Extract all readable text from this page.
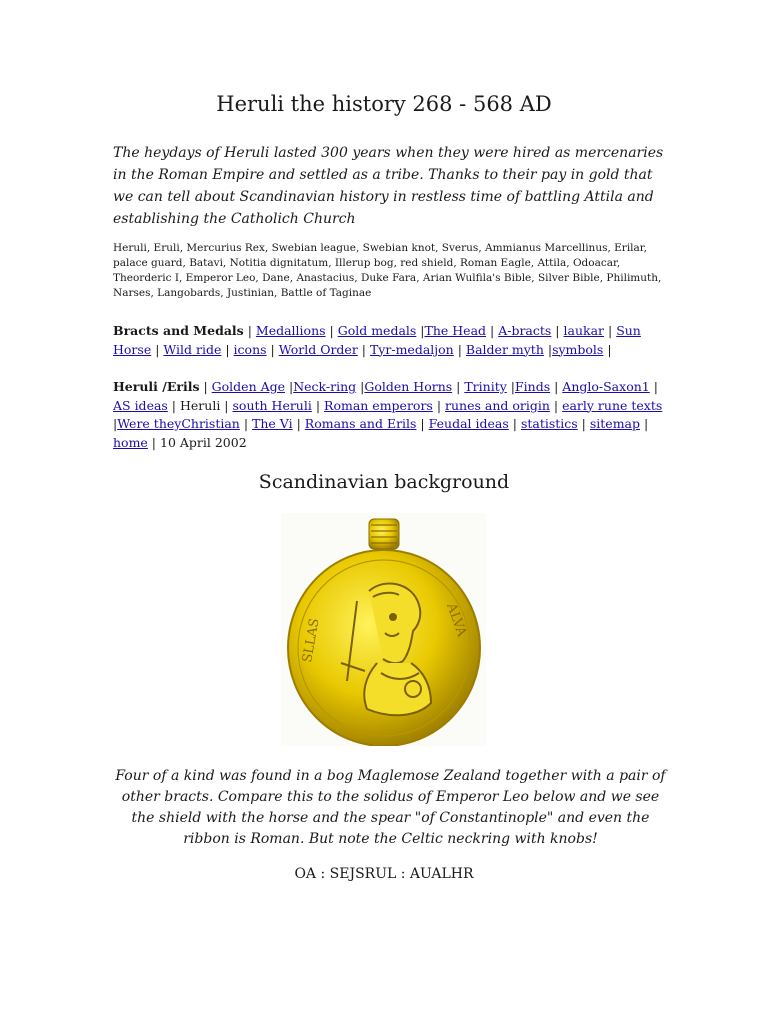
Heruli the history 268 - 568 AD

The heydays of Heruli lasted 300 years when they were hired as mercenaries in the Roman Empire and settled as a tribe. Thanks to their pay in gold that we can tell about Scandinavian history in restless time of battling Attila and establishing the Catholich Church

Heruli, Eruli, Mercurius Rex, Swebian league, Swebian knot, Sverus, Ammianus Marcellinus, Erilar, palace guard, Batavi, Notitia dignitatum, Illerup bog, red shield, Roman Eagle, Attila, Odoacar, Theorderic I, Emperor Leo, Dane, Anastacius, Duke Fara, Arian Wulfila's Bible, Silver Bible, Philimuth, Narses, Langobards, Justinian, Battle of Taginae

Bracts and Medals | Medallions | Gold medals |The Head | A-bracts | laukar | Sun Horse | Wild ride | icons | World Order | Tyr-medaljon | Balder myth |symbols |

Heruli /Erils | Golden Age |Neck-ring |Golden Horns | Trinity |Finds | Anglo-Saxon1 | AS ideas | Heruli | south Heruli | Roman emperors | runes and origin | early rune texts |Were theyChristian | The Vi | Romans and Erils | Feudal ideas | statistics | sitemap | home | 10 April 2002

Scandinavian background
SLLAS	ALVA

Four of a kind was found in a bog Maglemose Zealand together with a pair of other bracts. Compare this to the solidus of Emperor Leo below and we see the shield with the horse and the spear "of Constantinople" and even the ribbon is Roman. But note the Celtic neckring with knobs!

OA : SEJSRUL : AUALHR
